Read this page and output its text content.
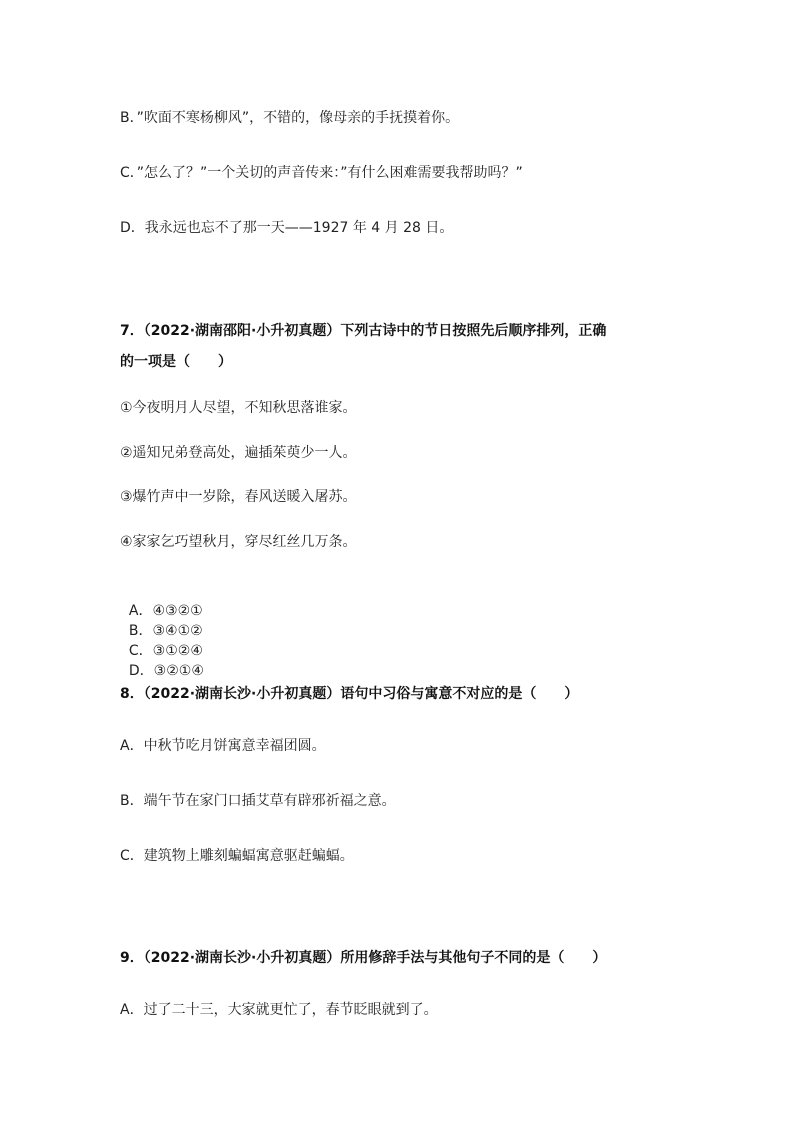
B．”吹面不寒杨柳风”，不错的，像母亲的手抚摸着你。
C．”怎么了？”一个关切的声音传来：”有什么困难需要我帮助吗？”
D．我永远也忘不了那一天——1927 年 4 月 28 日。
7．（2022·湖南邵阳·小升初真题）下列古诗中的节日按照先后顺序排列，正确
的一项是（　　）
①今夜明月人尽望，不知秋思落谁家。
②遥知兄弟登高处，遍插茱萸少一人。
③爆竹声中一岁除，春风送暖入屠苏。
④家家乞巧望秋月，穿尽红丝几万条。

A．④③②①
B．③④①②
C．③①②④
D．③②①④

8．（2022·湖南长沙·小升初真题）语句中习俗与寓意不对应的是（　　）
A．中秋节吃月饼寓意幸福团圆。
B．端午节在家门口插艾草有辟邪祈福之意。
C．建筑物上雕刻蝙蝠寓意驱赶蝙蝠。
9．（2022·湖南长沙·小升初真题）所用修辞手法与其他句子不同的是（　　）
A．过了二十三，大家就更忙了，春节眨眼就到了。
